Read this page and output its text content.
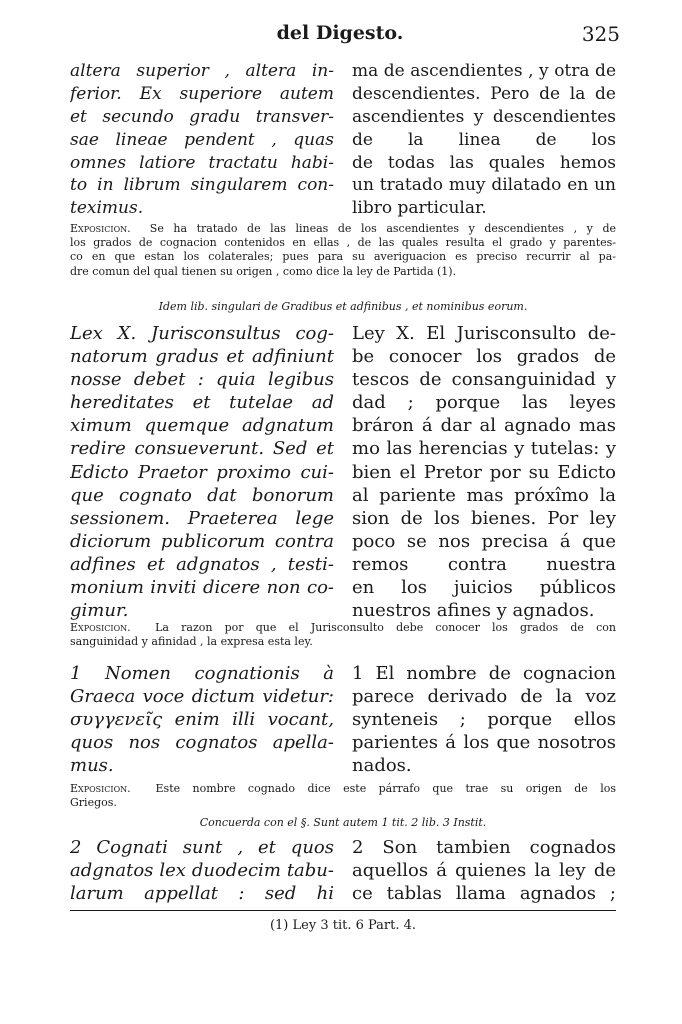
del Digesto.	325
altera superior , altera in-
ferior. Ex superiore autem
et secundo gradu transver-
sae lineae pendent , quas
omnes latiore tractatu habi-
to in librum singularem con-
teximus.
ma de ascendientes , y otra de
descendientes. Pero de la de
ascendientes y descendientes
de la linea de los
de todas las quales hemos
un tratado muy dilatado en un
libro particular.
Exposicion. Se ha tratado de las lineas de los ascendientes y descendientes , y de
los grados de cognacion contenidos en ellas , de las quales resulta el grado y parentes-
co en que estan los colaterales; pues para su averiguacion es preciso recurrir al pa-
dre comun del qual tienen su origen , como dice la ley de Partida (1).
Idem lib. singulari de Gradibus et adfinibus , et nominibus eorum.
Lex X. Jurisconsultus cog-
natorum gradus et adfiniunt
nosse debet : quia legibus
hereditates et tutelae ad
ximum quemque adgnatum
redire consueverunt. Sed et
Edicto Praetor proximo cui-
que cognato dat bonorum
sessionem. Praeterea lege
diciorum publicorum contra
adfines et adgnatos , testi-
monium inviti dicere non co-
gimur.
Ley X. El Jurisconsulto de-
be conocer los grados de
tescos de consanguinidad y
dad ; porque las leyes
bráron á dar al agnado mas
mo las herencias y tutelas: y
bien el Pretor por su Edicto
al pariente mas próxîmo la
sion de los bienes. Por ley
poco se nos precisa á que
remos contra nuestra
en los juicios públicos
nuestros afines y agnados.
Exposicion. La razon por que el Jurisconsulto debe conocer los grados de con
sanguinidad y afinidad , la expresa esta ley.
1 Nomen cognationis à
Graeca voce dictum videtur:
συγγενεῖς enim illi vocant,
quos nos cognatos apella-
mus.
1 El nombre de cognacion
parece derivado de la voz
synteneis ; porque ellos
parientes á los que nosotros
nados.
Exposicion. Este nombre cognado dice este párrafo que trae su origen de los
Griegos.
Concuerda con el §. Sunt autem 1 tit. 2 lib. 3 Instit.
2 Cognati sunt , et quos
adgnatos lex duodecim tabu-
larum appellat : sed hi
2 Son tambien cognados
aquellos á quienes la ley de
ce tablas llama agnados ;
(1) Ley 3 tit. 6 Part. 4.
